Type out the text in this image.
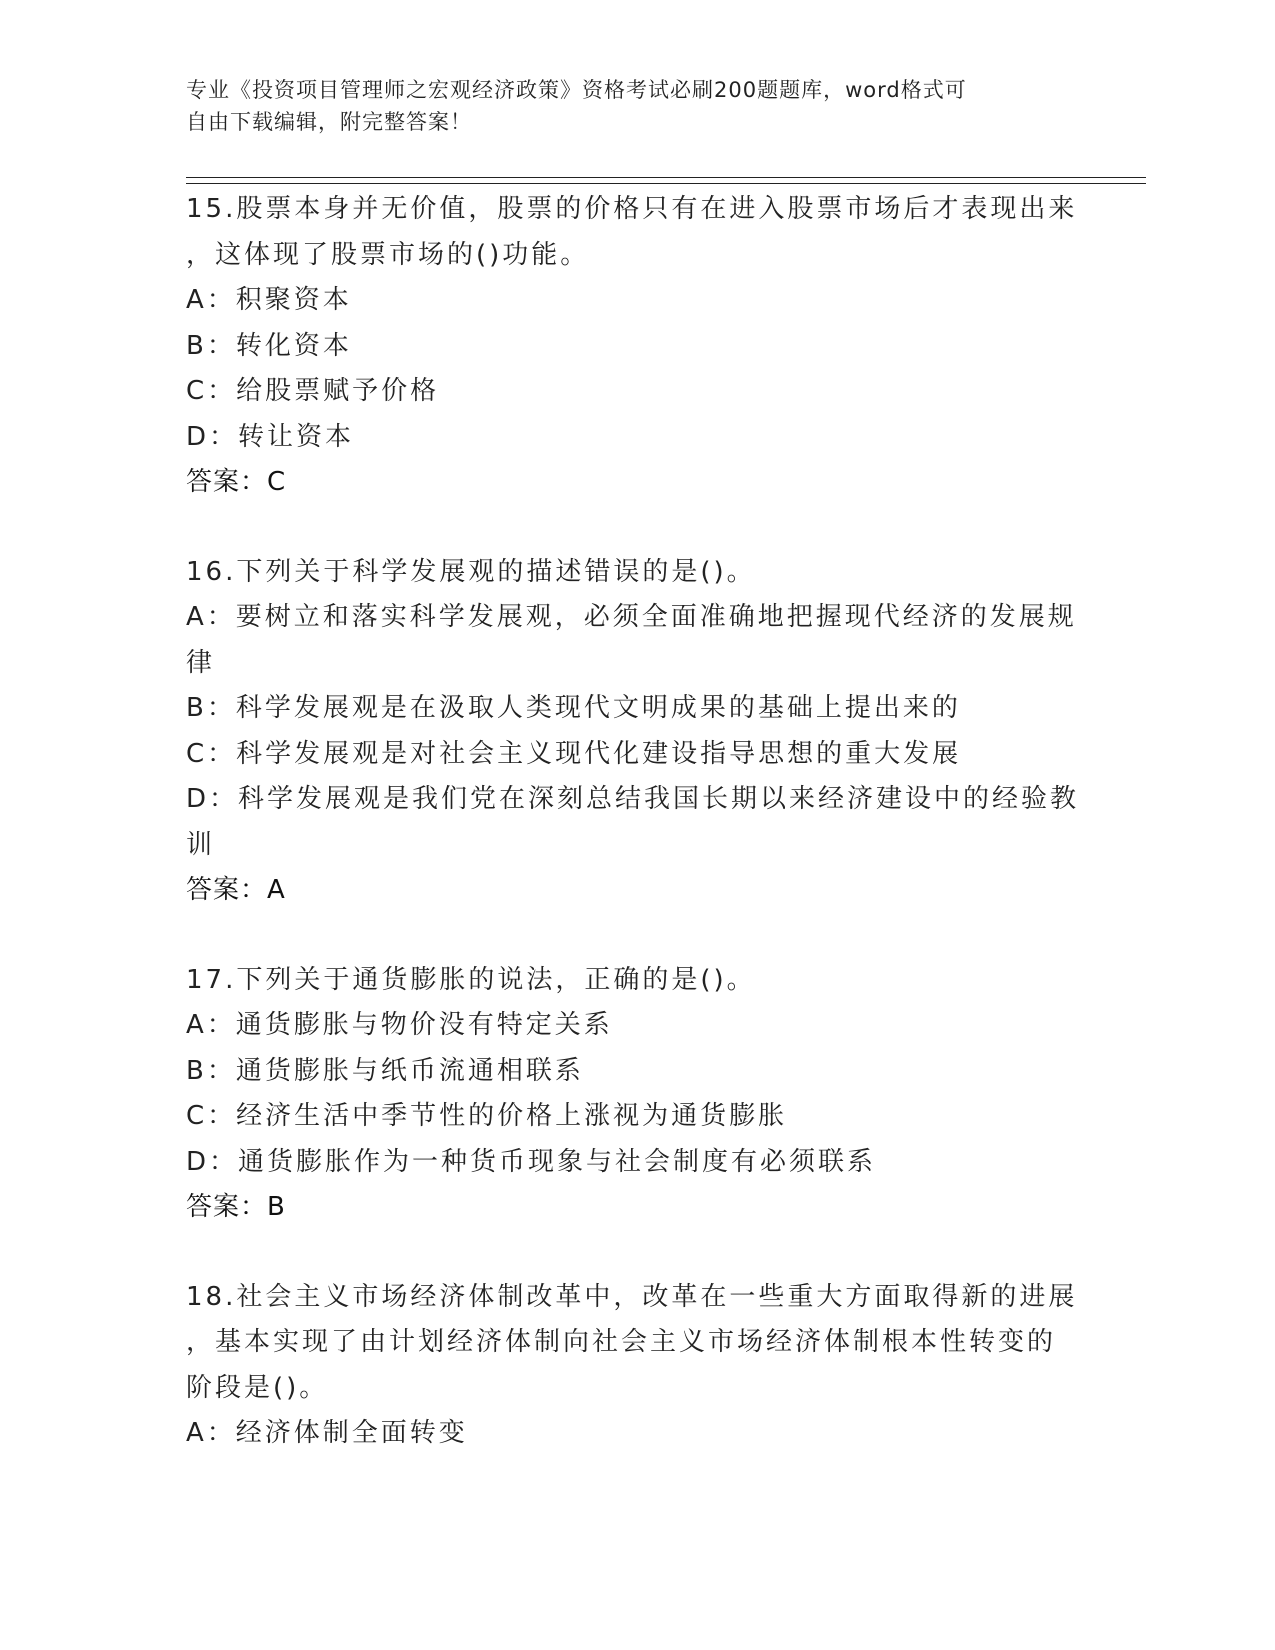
专业《投资项目管理师之宏观经济政策》资格考试必刷200题题库，word格式可
自由下载编辑，附完整答案！
15.股票本身并无价值，股票的价格只有在进入股票市场后才表现出来
，这体现了股票市场的()功能。
A：积聚资本
B：转化资本
C：给股票赋予价格
D：转让资本
答案：C
16.下列关于科学发展观的描述错误的是()。
A：要树立和落实科学发展观，必须全面准确地把握现代经济的发展规
律
B：科学发展观是在汲取人类现代文明成果的基础上提出来的
C：科学发展观是对社会主义现代化建设指导思想的重大发展
D：科学发展观是我们党在深刻总结我国长期以来经济建设中的经验教
训
答案：A
17.下列关于通货膨胀的说法，正确的是()。
A：通货膨胀与物价没有特定关系
B：通货膨胀与纸币流通相联系
C：经济生活中季节性的价格上涨视为通货膨胀
D：通货膨胀作为一种货币现象与社会制度有必须联系
答案：B
18.社会主义市场经济体制改革中，改革在一些重大方面取得新的进展
，基本实现了由计划经济体制向社会主义市场经济体制根本性转变的
阶段是()。
A：经济体制全面转变
